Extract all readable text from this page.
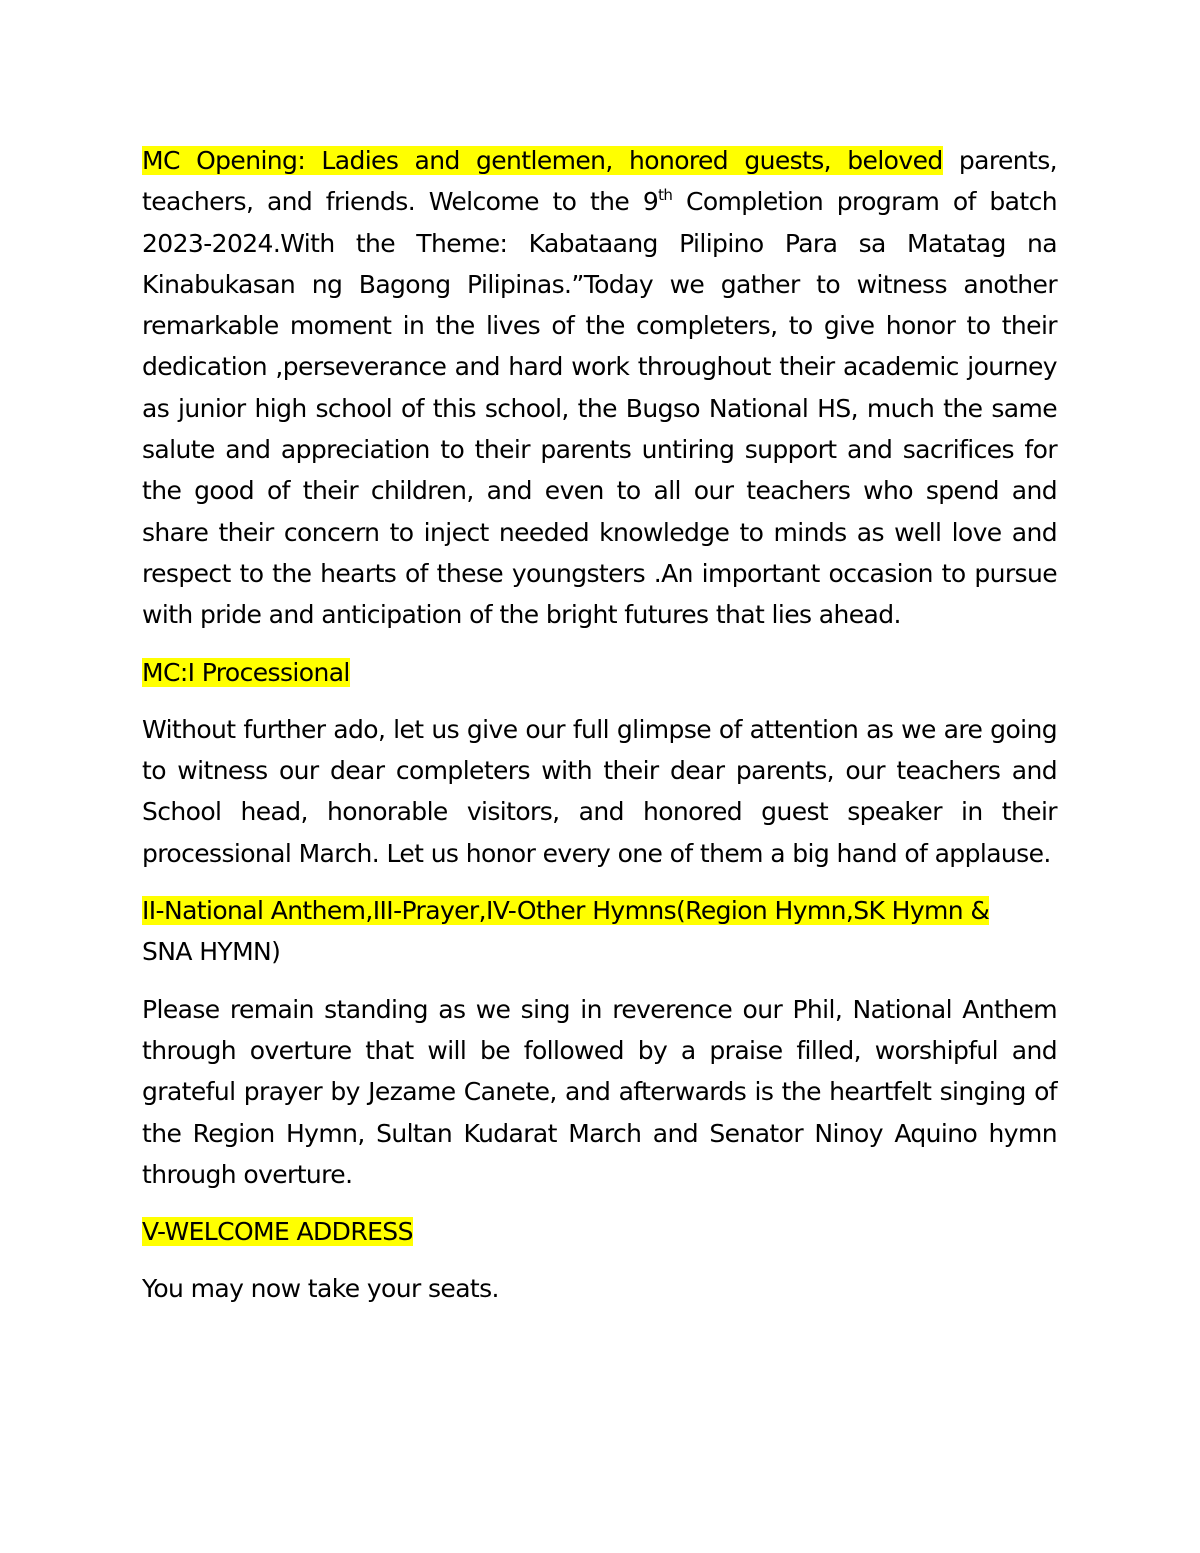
MC Opening: Ladies and gentlemen, honored guests, beloved parents, teachers, and friends. Welcome to the 9th Completion program of batch 2023-2024.With the Theme: Kabataang Pilipino Para sa Matatag na Kinabukasan ng Bagong Pilipinas.”Today we gather to witness another remarkable moment in the lives of the completers, to give honor to their dedication ,perseverance and hard work throughout their academic journey as junior high school of this school, the Bugso National HS, much the same salute and appreciation to their parents untiring support and sacrifices for the good of their children, and even to all our teachers who spend and share their concern to inject needed knowledge to minds as well love and respect to the hearts of these youngsters .An important occasion to pursue with pride and anticipation of the bright futures that lies ahead.

MC:I Processional

Without further ado, let us give our full glimpse of attention as we are going to witness our dear completers with their dear parents, our teachers and School head, honorable visitors, and honored guest speaker in their processional March. Let us honor every one of them a big hand of applause.

II-National Anthem,III-Prayer,IV-Other Hymns(Region Hymn,SK Hymn &
SNA HYMN)

Please remain standing as we sing in reverence our Phil, National Anthem through overture that will be followed by a praise filled, worshipful and grateful prayer by Jezame Canete, and afterwards is the heartfelt singing of the Region Hymn, Sultan Kudarat March and Senator Ninoy Aquino hymn through overture.

V-WELCOME ADDRESS

You may now take your seats.
